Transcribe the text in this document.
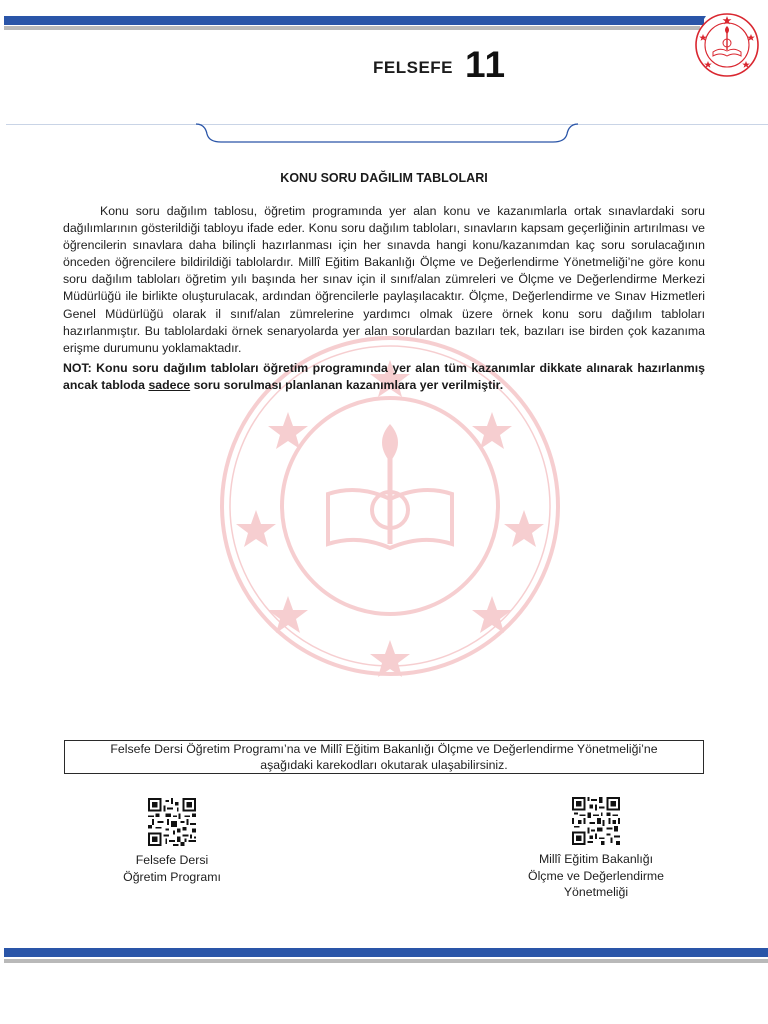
FELSEFE 11
KONU SORU DAĞILIM TABLOLARI

Konu soru dağılım tablosu, öğretim programında yer alan konu ve kazanımlarla ortak sınavlardaki soru dağılımlarının gösterildiği tabloyu ifade eder. Konu soru dağılım tabloları, sınavların kapsam geçerliğinin artırılması ve öğrencilerin sınavlara daha bilinçli hazırlanması için her sınavda hangi konu/kazanımdan kaç soru sorulacağının önceden öğrencilere bildirildiği tablolardır. Millî Eğitim Bakanlığı Ölçme ve Değerlendirme Yönetmeliği’ne göre konu soru dağılım tabloları öğretim yılı başında her sınav için il sınıf/alan zümreleri ve Ölçme ve Değerlendirme Merkezi Müdürlüğü ile birlikte oluşturulacak, ardından öğrencilerle paylaşılacaktır. Ölçme, Değerlendirme ve Sınav Hizmetleri Genel Müdürlüğü olarak il sınıf/alan zümrelerine yardımcı olmak üzere örnek konu soru dağılım tabloları hazırlanmıştır. Bu tablolardaki örnek senaryolarda yer alan sorulardan bazıları tek, bazıları ise birden çok kazanıma erişme durumunu yoklamaktadır.

NOT: Konu soru dağılım tabloları öğretim programında yer alan tüm kazanımlar dikkate alınarak hazırlanmış ancak tabloda sadece soru sorulması planlanan kazanımlara yer verilmiştir.
Felsefe Dersi Öğretim Programı’na ve Millî Eğitim Bakanlığı Ölçme ve Değerlendirme Yönetmeliği’ne
aşağıdaki karekodları okutarak ulaşabilirsiniz.
Felsefe Dersi
Öğretim Programı
Millî Eğitim Bakanlığı
Ölçme ve Değerlendirme
Yönetmeliği
